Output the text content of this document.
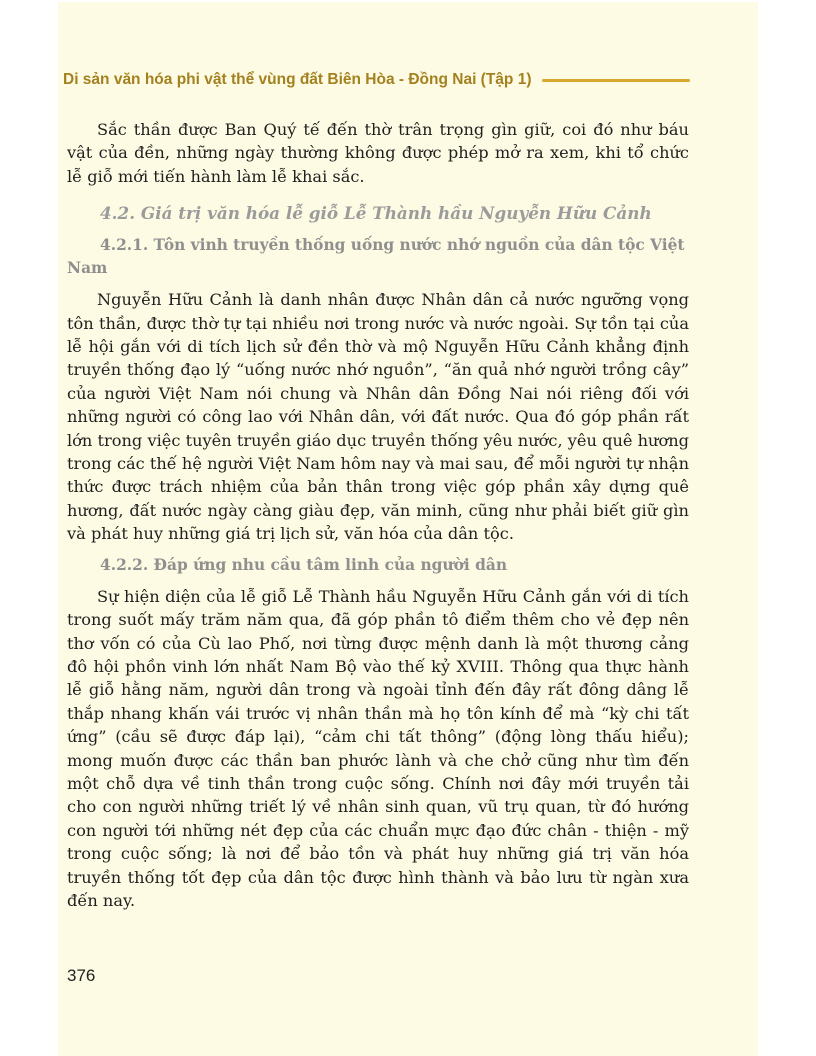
Di sản văn hóa phi vật thể vùng đất Biên Hòa - Đồng Nai (Tập 1)

Sắc thần được Ban Quý tế đến thờ trân trọng gìn giữ, coi đó như báu vật của đền, những ngày thường không được phép mở ra xem, khi tổ chức lễ giỗ mới tiến hành làm lễ khai sắc.

4.2. Giá trị văn hóa lễ giỗ Lễ Thành hầu Nguyễn Hữu Cảnh
4.2.1. Tôn vinh truyền thống uống nước nhớ nguồn của dân tộc Việt Nam

Nguyễn Hữu Cảnh là danh nhân được Nhân dân cả nước ngưỡng vọng tôn thần, được thờ tự tại nhiều nơi trong nước và nước ngoài. Sự tồn tại của lễ hội gắn với di tích lịch sử đền thờ và mộ Nguyễn Hữu Cảnh khẳng định truyền thống đạo lý “uống nước nhớ nguồn”, “ăn quả nhớ người trồng cây” của người Việt Nam nói chung và Nhân dân Đồng Nai nói riêng đối với những người có công lao với Nhân dân, với đất nước. Qua đó góp phần rất lớn trong việc tuyên truyền giáo dục truyền thống yêu nước, yêu quê hương trong các thế hệ người Việt Nam hôm nay và mai sau, để mỗi người tự nhận thức được trách nhiệm của bản thân trong việc góp phần xây dựng quê hương, đất nước ngày càng giàu đẹp, văn minh, cũng như phải biết giữ gìn và phát huy những giá trị lịch sử, văn hóa của dân tộc.

4.2.2. Đáp ứng nhu cầu tâm linh của người dân

Sự hiện diện của lễ giỗ Lễ Thành hầu Nguyễn Hữu Cảnh gắn với di tích trong suốt mấy trăm năm qua, đã góp phần tô điểm thêm cho vẻ đẹp nên thơ vốn có của Cù lao Phố, nơi từng được mệnh danh là một thương cảng đô hội phồn vinh lớn nhất Nam Bộ vào thế kỷ XVIII. Thông qua thực hành lễ giỗ hằng năm, người dân trong và ngoài tỉnh đến đây rất đông dâng lễ thắp nhang khấn vái trước vị nhân thần mà họ tôn kính để mà “kỳ chi tất ứng” (cầu sẽ được đáp lại), “cảm chi tất thông” (động lòng thấu hiểu); mong muốn được các thần ban phước lành và che chở cũng như tìm đến một chỗ dựa về tinh thần trong cuộc sống. Chính nơi đây mới truyền tải cho con người những triết lý về nhân sinh quan, vũ trụ quan, từ đó hướng con người tới những nét đẹp của các chuẩn mực đạo đức chân - thiện - mỹ trong cuộc sống; là nơi để bảo tồn và phát huy những giá trị văn hóa truyền thống tốt đẹp của dân tộc được hình thành và bảo lưu từ ngàn xưa đến nay.

376
